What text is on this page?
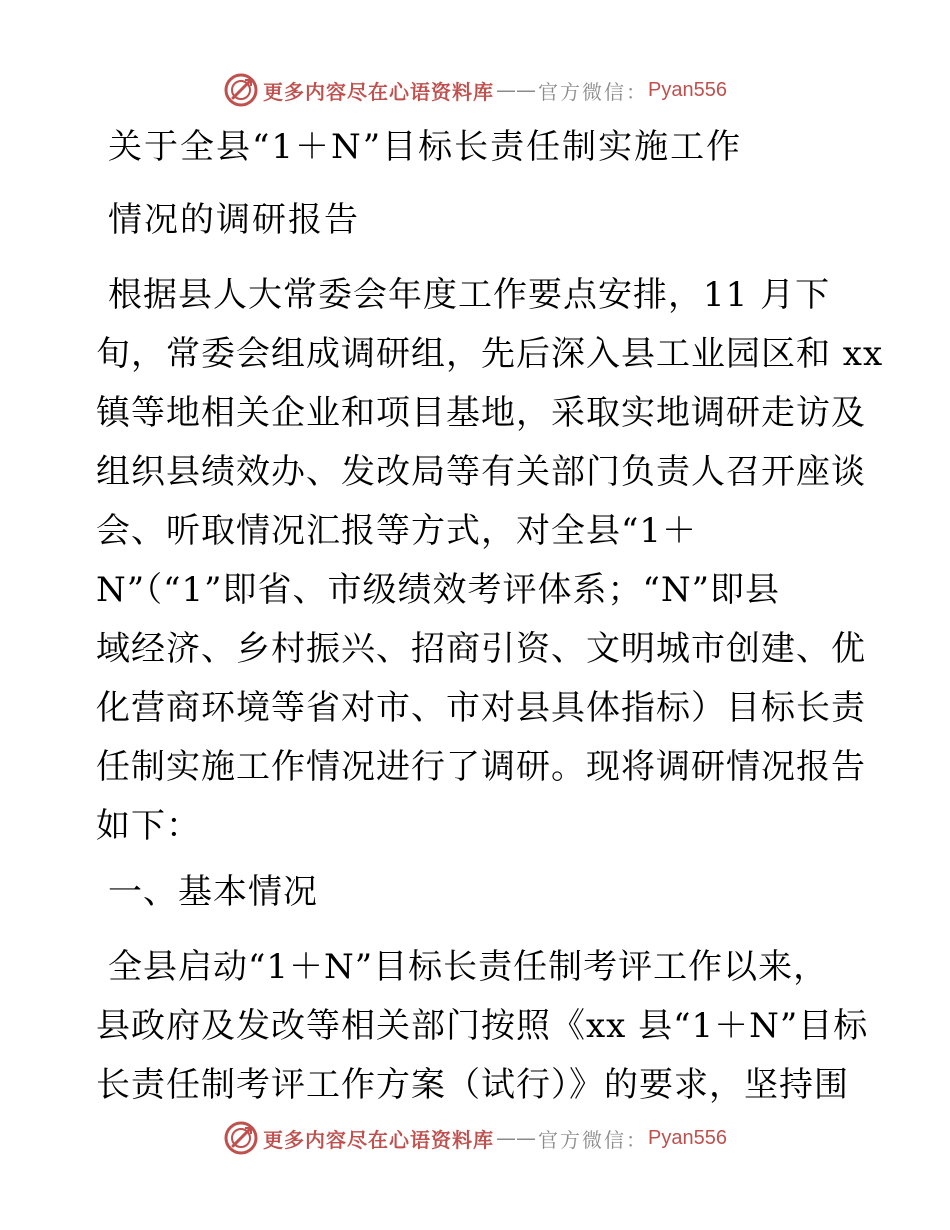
更多内容尽在心语资料库 —— 官方微信： Pyan556
关于全县“1＋N”目标长责任制实施工作
情况的调研报告
根据县人大常委会年度工作要点安排，11 月下
旬，常委会组成调研组，先后深入县工业园区和 xx
镇等地相关企业和项目基地，采取实地调研走访及
组织县绩效办、发改局等有关部门负责人召开座谈
会、听取情况汇报等方式，对全县“1＋
N”（“1”即省、市级绩效考评体系；“N”即县
域经济、乡村振兴、招商引资、文明城市创建、优
化营商环境等省对市、市对县具体指标）目标长责
任制实施工作情况进行了调研。现将调研情况报告
如下：
一、基本情况
全县启动“1＋N”目标长责任制考评工作以来，
县政府及发改等相关部门按照《xx 县“1＋N”目标
长责任制考评工作方案（试行）》的要求，坚持围
更多内容尽在心语资料库 —— 官方微信： Pyan556
